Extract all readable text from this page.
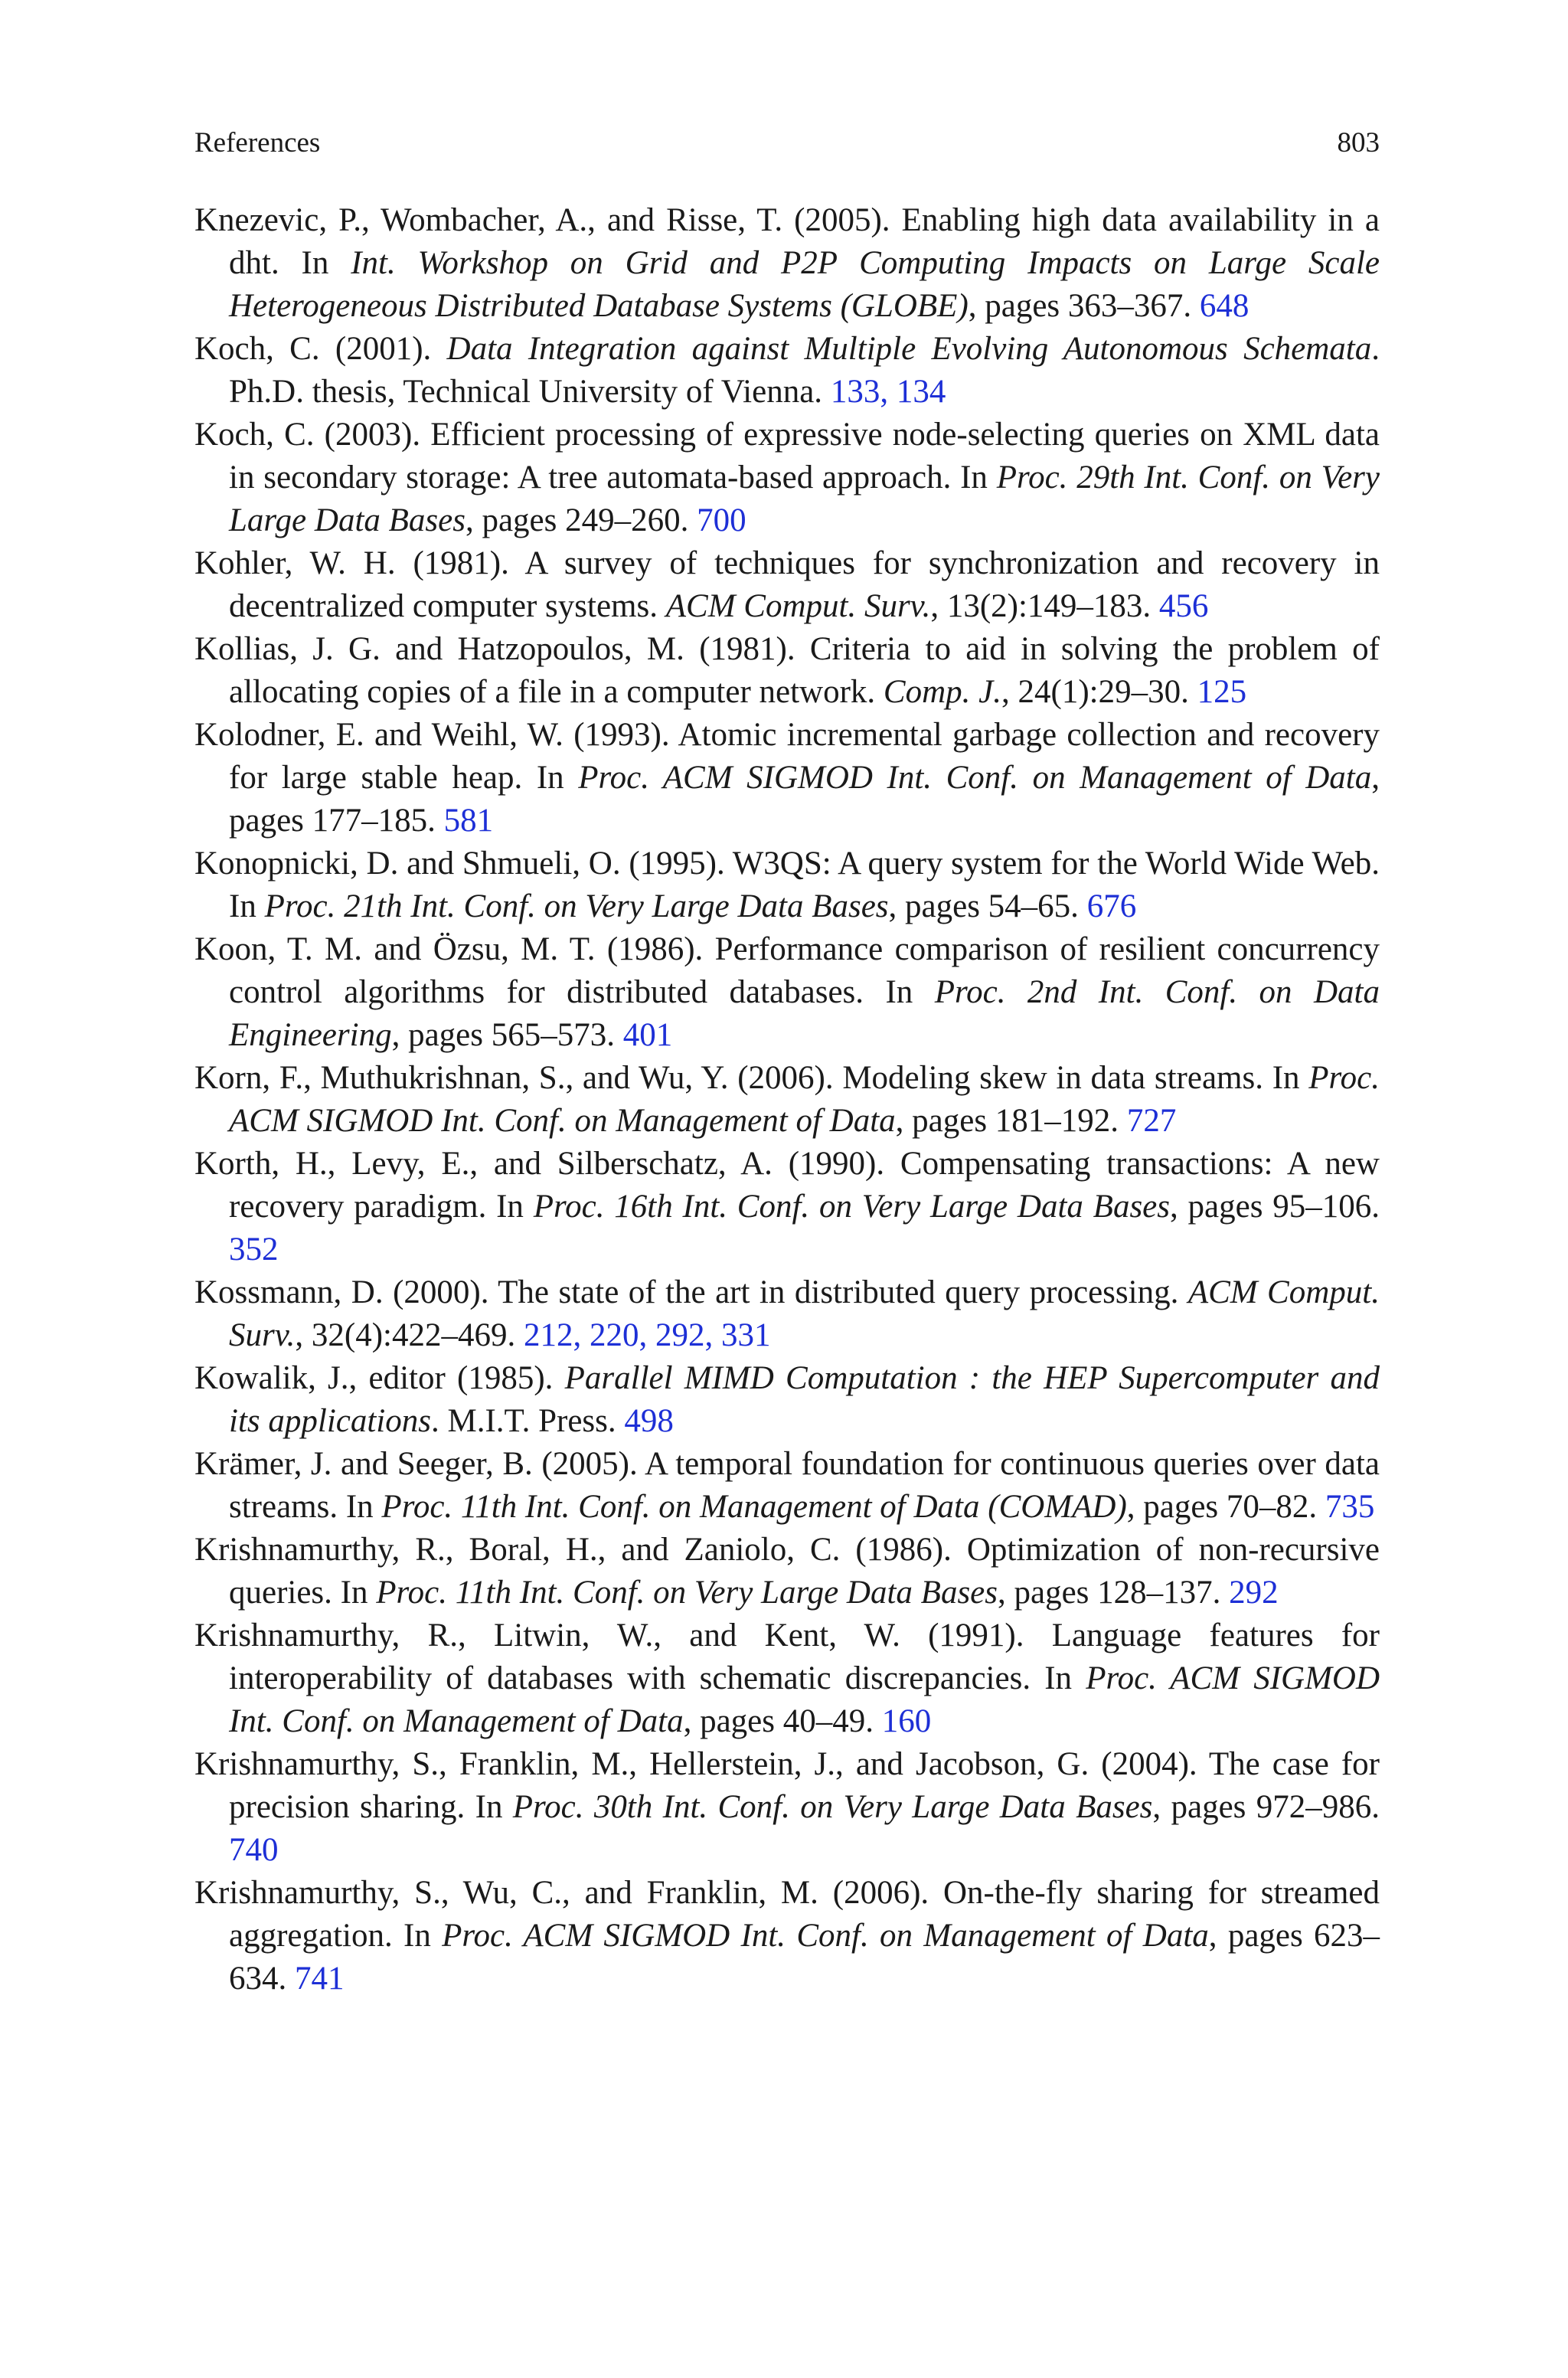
References	803

Knezevic, P., Wombacher, A., and Risse, T. (2005). Enabling high data availability in a dht. In Int. Workshop on Grid and P2P Computing Impacts on Large Scale Heterogeneous Distributed Database Systems (GLOBE), pages 363–367. 648

Koch, C. (2001). Data Integration against Multiple Evolving Autonomous Schemata. Ph.D. thesis, Technical University of Vienna. 133, 134

Koch, C. (2003). Efficient processing of expressive node-selecting queries on XML data in secondary storage: A tree automata-based approach. In Proc. 29th Int. Conf. on Very Large Data Bases, pages 249–260. 700

Kohler, W. H. (1981). A survey of techniques for synchronization and recovery in decentralized computer systems. ACM Comput. Surv., 13(2):149–183. 456

Kollias, J. G. and Hatzopoulos, M. (1981). Criteria to aid in solving the problem of allocating copies of a file in a computer network. Comp. J., 24(1):29–30. 125

Kolodner, E. and Weihl, W. (1993). Atomic incremental garbage collection and recovery for large stable heap. In Proc. ACM SIGMOD Int. Conf. on Management of Data, pages 177–185. 581

Konopnicki, D. and Shmueli, O. (1995). W3QS: A query system for the World Wide Web. In Proc. 21th Int. Conf. on Very Large Data Bases, pages 54–65. 676

Koon, T. M. and Özsu, M. T. (1986). Performance comparison of resilient concurrency control algorithms for distributed databases. In Proc. 2nd Int. Conf. on Data Engineering, pages 565–573. 401

Korn, F., Muthukrishnan, S., and Wu, Y. (2006). Modeling skew in data streams. In Proc. ACM SIGMOD Int. Conf. on Management of Data, pages 181–192. 727

Korth, H., Levy, E., and Silberschatz, A. (1990). Compensating transactions: A new recovery paradigm. In Proc. 16th Int. Conf. on Very Large Data Bases, pages 95–106. 352

Kossmann, D. (2000). The state of the art in distributed query processing. ACM Comput. Surv., 32(4):422–469. 212, 220, 292, 331

Kowalik, J., editor (1985). Parallel MIMD Computation : the HEP Supercomputer and its applications. M.I.T. Press. 498

Krämer, J. and Seeger, B. (2005). A temporal foundation for continuous queries over data streams. In Proc. 11th Int. Conf. on Management of Data (COMAD), pages 70–82. 735

Krishnamurthy, R., Boral, H., and Zaniolo, C. (1986). Optimization of non-recursive queries. In Proc. 11th Int. Conf. on Very Large Data Bases, pages 128–137. 292

Krishnamurthy, R., Litwin, W., and Kent, W. (1991). Language features for interoperability of databases with schematic discrepancies. In Proc. ACM SIGMOD Int. Conf. on Management of Data, pages 40–49. 160

Krishnamurthy, S., Franklin, M., Hellerstein, J., and Jacobson, G. (2004). The case for precision sharing. In Proc. 30th Int. Conf. on Very Large Data Bases, pages 972–986. 740

Krishnamurthy, S., Wu, C., and Franklin, M. (2006). On-the-fly sharing for streamed aggregation. In Proc. ACM SIGMOD Int. Conf. on Management of Data, pages 623–634. 741
